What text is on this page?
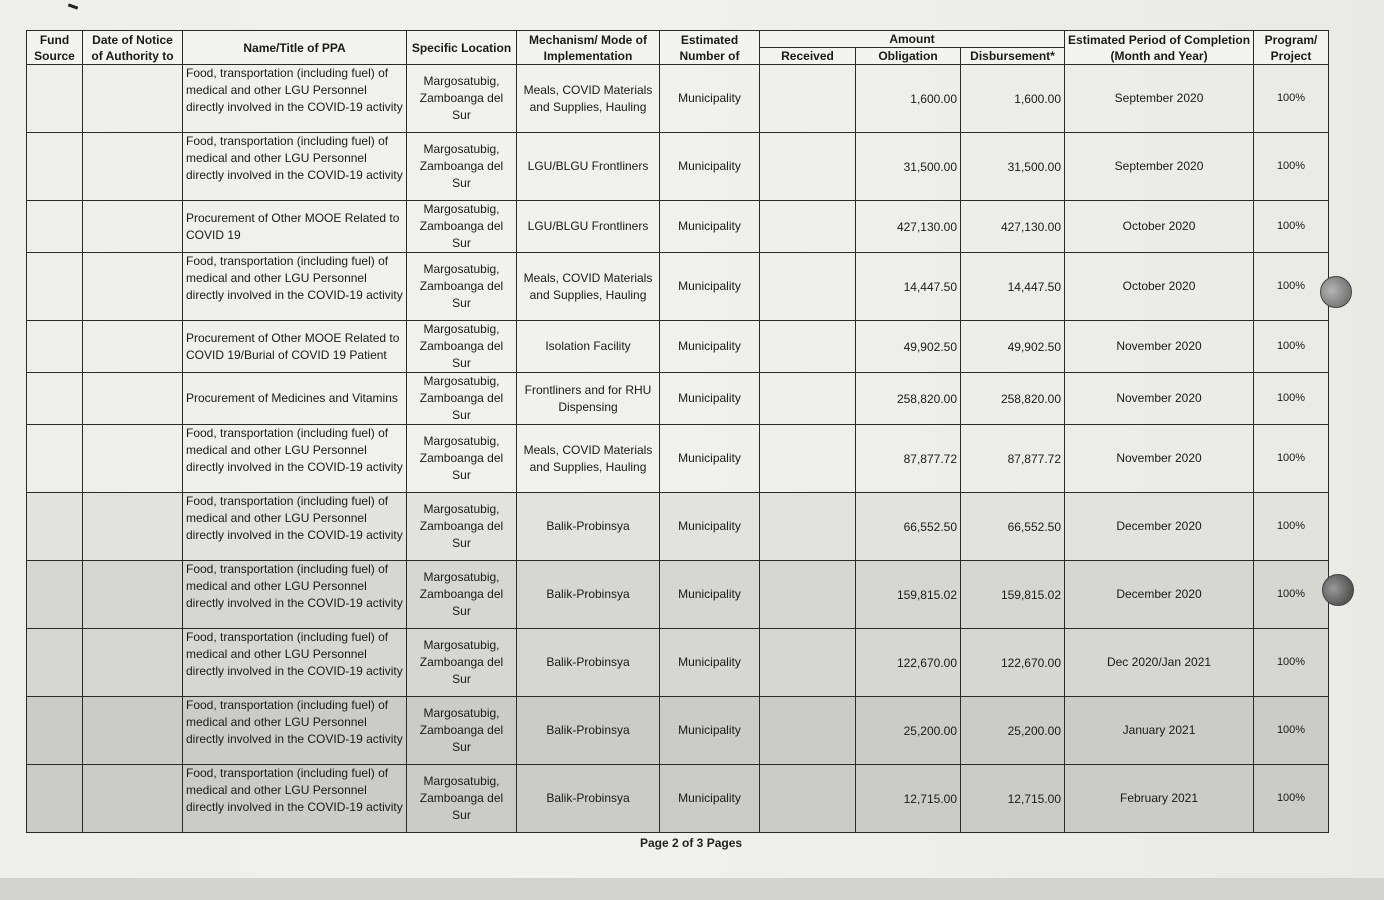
Fund Source	Date of Notice of Authority to	Name/Title of PPA	Specific Location	Mechanism/ Mode of Implementation	Estimated Number of	Amount			Estimated Period of Completion (Month and Year)	Program/ Project
						Received	Obligation	Disbursement*		
		Food, transportation (including fuel) of medical and other LGU Personnel directly involved in the COVID-19 activity	Margosatubig, Zamboanga del Sur	Meals, COVID Materials and Supplies, Hauling	Municipality		1,600.00	1,600.00	September 2020	100%
		Food, transportation (including fuel) of medical and other LGU Personnel directly involved in the COVID-19 activity	Margosatubig, Zamboanga del Sur	LGU/BLGU Frontliners	Municipality		31,500.00	31,500.00	September 2020	100%
		Procurement of Other MOOE Related to COVID 19	Margosatubig, Zamboanga del Sur	LGU/BLGU Frontliners	Municipality		427,130.00	427,130.00	October 2020	100%
		Food, transportation (including fuel) of medical and other LGU Personnel directly involved in the COVID-19 activity	Margosatubig, Zamboanga del Sur	Meals, COVID Materials and Supplies, Hauling	Municipality		14,447.50	14,447.50	October 2020	100%
		Procurement of Other MOOE Related to COVID 19/Burial of COVID 19 Patient	Margosatubig, Zamboanga del Sur	Isolation Facility	Municipality		49,902.50	49,902.50	November 2020	100%
		Procurement of Medicines and Vitamins	Margosatubig, Zamboanga del Sur	Frontliners and for RHU Dispensing	Municipality		258,820.00	258,820.00	November 2020	100%
		Food, transportation (including fuel) of medical and other LGU Personnel directly involved in the COVID-19 activity	Margosatubig, Zamboanga del Sur	Meals, COVID Materials and Supplies, Hauling	Municipality		87,877.72	87,877.72	November 2020	100%
		Food, transportation (including fuel) of medical and other LGU Personnel directly involved in the COVID-19 activity	Margosatubig, Zamboanga del Sur	Balik-Probinsya	Municipality		66,552.50	66,552.50	December 2020	100%
		Food, transportation (including fuel) of medical and other LGU Personnel directly involved in the COVID-19 activity	Margosatubig, Zamboanga del Sur	Balik-Probinsya	Municipality		159,815.02	159,815.02	December 2020	100%
		Food, transportation (including fuel) of medical and other LGU Personnel directly involved in the COVID-19 activity	Margosatubig, Zamboanga del Sur	Balik-Probinsya	Municipality		122,670.00	122,670.00	Dec 2020/Jan 2021	100%
		Food, transportation (including fuel) of medical and other LGU Personnel directly involved in the COVID-19 activity	Margosatubig, Zamboanga del Sur	Balik-Probinsya	Municipality		25,200.00	25,200.00	January 2021	100%
		Food, transportation (including fuel) of medical and other LGU Personnel directly involved in the COVID-19 activity	Margosatubig, Zamboanga del Sur	Balik-Probinsya	Municipality		12,715.00	12,715.00	February 2021	100%
Page 2 of 3 Pages
